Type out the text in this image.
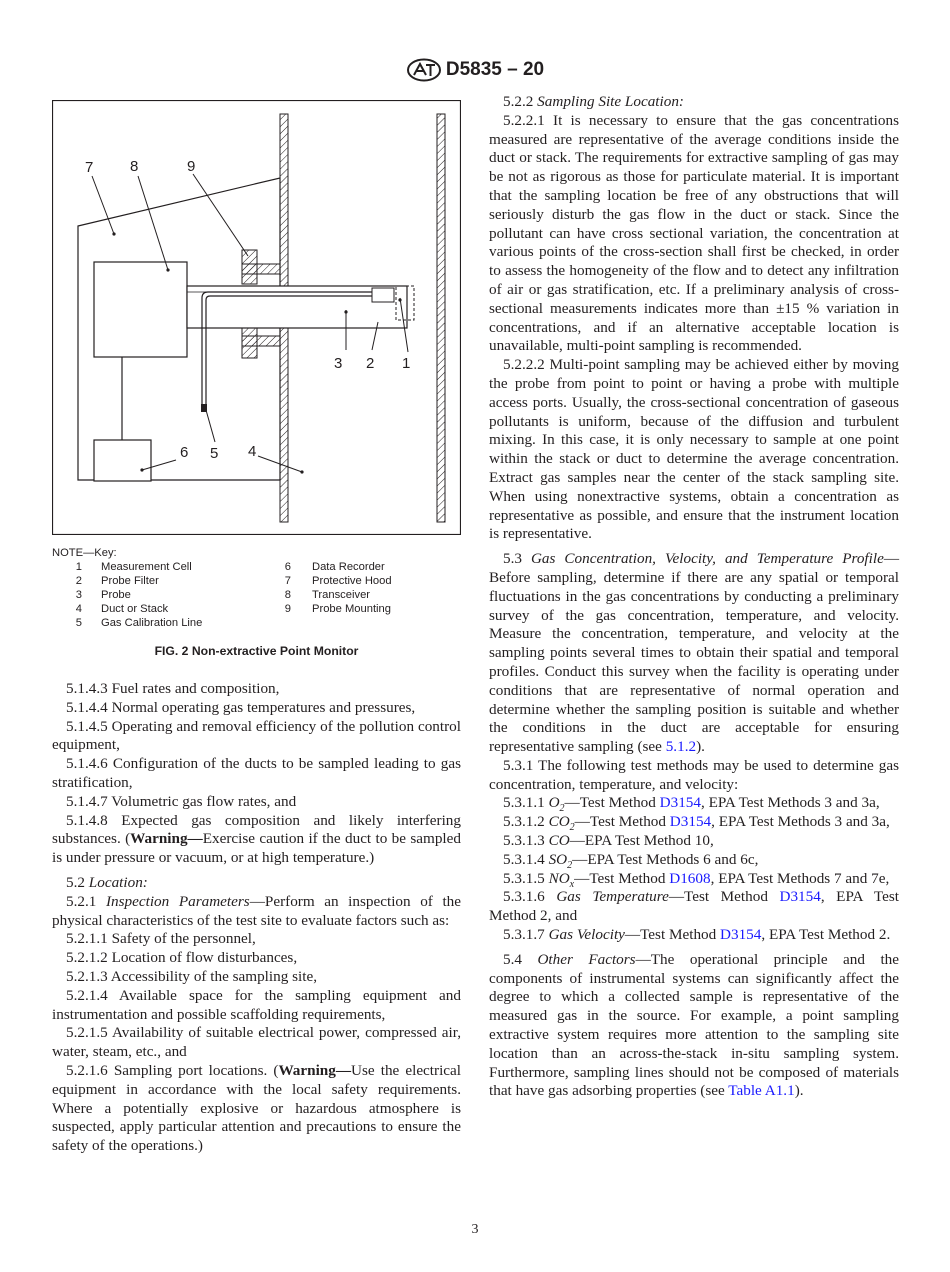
D5835 – 20
7 8	9
3 2 1
6 5 4
NOTE—Key:
1 Measurement Cell
2 Probe Filter
3 Probe
4 Duct or Stack
5 Gas Calibration Line
6 Data Recorder
7 Protective Hood
8 Transceiver
9 Probe Mounting
FIG. 2 Non-extractive Point Monitor

5.1.4.3 Fuel rates and composition,

5.1.4.4 Normal operating gas temperatures and pressures,

5.1.4.5 Operating and removal efficiency of the pollution control equipment,

5.1.4.6 Configuration of the ducts to be sampled leading to gas stratification,

5.1.4.7 Volumetric gas flow rates, and

5.1.4.8 Expected gas composition and likely interfering substances. (Warning—Exercise caution if the duct to be sampled is under pressure or vacuum, or at high temperature.)

5.2 Location:

5.2.1 Inspection Parameters—Perform an inspection of the physical characteristics of the test site to evaluate factors such as:

5.2.1.1 Safety of the personnel,

5.2.1.2 Location of flow disturbances,

5.2.1.3 Accessibility of the sampling site,

5.2.1.4 Available space for the sampling equipment and instrumentation and possible scaffolding requirements,

5.2.1.5 Availability of suitable electrical power, compressed air, water, steam, etc., and

5.2.1.6 Sampling port locations. (Warning—Use the electrical equipment in accordance with the local safety requirements. Where a potentially explosive or hazardous atmosphere is suspected, apply particular attention and precautions to ensure the safety of the operations.)

5.2.2 Sampling Site Location:

5.2.2.1 It is necessary to ensure that the gas concentrations measured are representative of the average conditions inside the duct or stack. The requirements for extractive sampling of gas may be not as rigorous as those for particulate material. It is important that the sampling location be free of any obstructions that will seriously disturb the gas flow in the duct or stack. Since the pollutant can have cross sectional variation, the concentration at various points of the cross-section shall first be checked, in order to assess the homogeneity of the flow and to detect any infiltration of air or gas stratification, etc. If a preliminary analysis of cross-sectional measurements indicates more than ±15 % variation in concentrations, and if an alternative acceptable location is unavailable, multi-point sampling is recommended.

5.2.2.2 Multi-point sampling may be achieved either by moving the probe from point to point or having a probe with multiple access ports. Usually, the cross-sectional concentration of gaseous pollutants is uniform, because of the diffusion and turbulent mixing. In this case, it is only necessary to sample at one point within the stack or duct to determine the average concentration. Extract gas samples near the center of the stack sampling site. When using nonextractive systems, obtain a concentration as representative as possible, and ensure that the instrument location is representative.

5.3 Gas Concentration, Velocity, and Temperature Profile—Before sampling, determine if there are any spatial or temporal fluctuations in the gas concentrations by conducting a preliminary survey of the gas concentration, temperature, and velocity. Measure the concentration, temperature, and velocity at the sampling points several times to obtain their spatial and temporal profiles. Conduct this survey when the facility is operating under conditions that are representative of normal operation and determine whether the sampling position is suitable and whether the conditions in the duct are acceptable for ensuring representative sampling (see 5.1.2).

5.3.1 The following test methods may be used to determine gas concentration, temperature, and velocity:

5.3.1.1 $O_2—Test$ Method D3154, EPA Test Methods 3 and 3a,

5.3.1.2 $CO_2—Test$ Method D3154, EPA Test Methods 3 and 3a,

5.3.1.3 CO—EPA Test Method 10,

5.3.1.4 $SO_2—EPA$ Test Methods 6 and 6c,

5.3.1.5 $NO_x—Test$ Method D1608, EPA Test Methods 7 and 7e,

5.3.1.6 Gas Temperature—Test Method D3154, EPA Test Method 2, and

5.3.1.7 Gas Velocity—Test Method D3154, EPA Test Method 2.

5.4 Other Factors—The operational principle and the components of instrumental systems can significantly affect the degree to which a collected sample is representative of the measured gas in the source. For example, a point sampling extractive system requires more attention to the sampling site location than an across-the-stack in-situ sampling system. Furthermore, sampling lines should not be composed of materials that have gas adsorbing properties (see Table A1.1).

3
